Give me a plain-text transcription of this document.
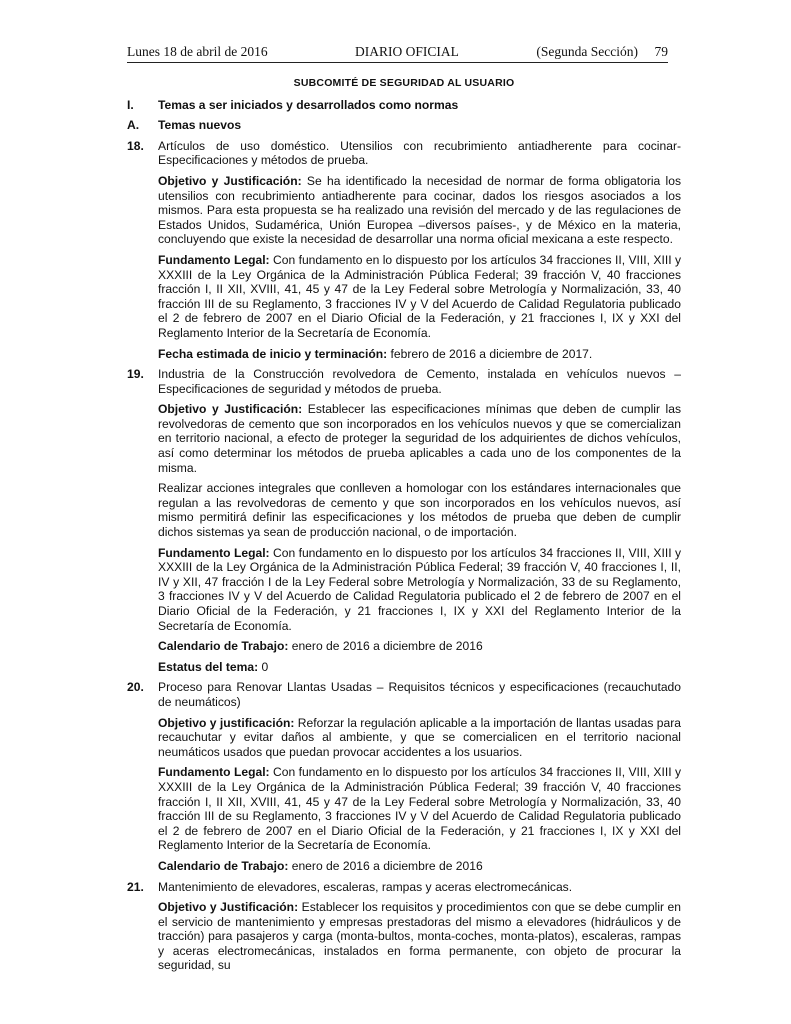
Lunes 18 de abril de 2016	DIARIO OFICIAL	(Segunda Sección) 79
SUBCOMITÉ DE SEGURIDAD AL USUARIO
I.	Temas a ser iniciados y desarrollados como normas
A.	Temas nuevos
18.	Artículos de uso doméstico. Utensilios con recubrimiento antiadherente para cocinar-Especificaciones y métodos de prueba.
Objetivo y Justificación: Se ha identificado la necesidad de normar de forma obligatoria los utensilios con recubrimiento antiadherente para cocinar, dados los riesgos asociados a los mismos. Para esta propuesta se ha realizado una revisión del mercado y de las regulaciones de Estados Unidos, Sudamérica, Unión Europea –diversos países-, y de México en la materia, concluyendo que existe la necesidad de desarrollar una norma oficial mexicana a este respecto.
Fundamento Legal: Con fundamento en lo dispuesto por los artículos 34 fracciones II, VIII, XIII y XXXIII de la Ley Orgánica de la Administración Pública Federal; 39 fracción V, 40 fracciones fracción I, II XII, XVIII, 41, 45 y 47 de la Ley Federal sobre Metrología y Normalización, 33, 40 fracción III de su Reglamento, 3 fracciones IV y V del Acuerdo de Calidad Regulatoria publicado el 2 de febrero de 2007 en el Diario Oficial de la Federación, y 21 fracciones I, IX y XXI del Reglamento Interior de la Secretaría de Economía.
Fecha estimada de inicio y terminación: febrero de 2016 a diciembre de 2017.
19.	Industria de la Construcción revolvedora de Cemento, instalada en vehículos nuevos – Especificaciones de seguridad y métodos de prueba.
Objetivo y Justificación: Establecer las especificaciones mínimas que deben de cumplir las revolvedoras de cemento que son incorporados en los vehículos nuevos y que se comercializan en territorio nacional, a efecto de proteger la seguridad de los adquirientes de dichos vehículos, así como determinar los métodos de prueba aplicables a cada uno de los componentes de la misma.
Realizar acciones integrales que conlleven a homologar con los estándares internacionales que regulan a las revolvedoras de cemento y que son incorporados en los vehículos nuevos, así mismo permitirá definir las especificaciones y los métodos de prueba que deben de cumplir dichos sistemas ya sean de producción nacional, o de importación.
Fundamento Legal: Con fundamento en lo dispuesto por los artículos 34 fracciones II, VIII, XIII y XXXIII de la Ley Orgánica de la Administración Pública Federal; 39 fracción V, 40 fracciones I, II, IV y XII, 47 fracción I de la Ley Federal sobre Metrología y Normalización, 33 de su Reglamento, 3 fracciones IV y V del Acuerdo de Calidad Regulatoria publicado el 2 de febrero de 2007 en el Diario Oficial de la Federación, y 21 fracciones I, IX y XXI del Reglamento Interior de la Secretaría de Economía.
Calendario de Trabajo: enero de 2016 a diciembre de 2016
Estatus del tema: 0
20.	Proceso para Renovar Llantas Usadas – Requisitos técnicos y especificaciones (recauchutado de neumáticos)
Objetivo y justificación: Reforzar la regulación aplicable a la importación de llantas usadas para recauchutar y evitar daños al ambiente, y que se comercialicen en el territorio nacional neumáticos usados que puedan provocar accidentes a los usuarios.
Fundamento Legal: Con fundamento en lo dispuesto por los artículos 34 fracciones II, VIII, XIII y XXXIII de la Ley Orgánica de la Administración Pública Federal; 39 fracción V, 40 fracciones fracción I, II XII, XVIII, 41, 45 y 47 de la Ley Federal sobre Metrología y Normalización, 33, 40 fracción III de su Reglamento, 3 fracciones IV y V del Acuerdo de Calidad Regulatoria publicado el 2 de febrero de 2007 en el Diario Oficial de la Federación, y 21 fracciones I, IX y XXI del Reglamento Interior de la Secretaría de Economía.
Calendario de Trabajo: enero de 2016 a diciembre de 2016
21.	Mantenimiento de elevadores, escaleras, rampas y aceras electromecánicas.
Objetivo y Justificación: Establecer los requisitos y procedimientos con que se debe cumplir en el servicio de mantenimiento y empresas prestadoras del mismo a elevadores (hidráulicos y de tracción) para pasajeros y carga (monta-bultos, monta-coches, monta-platos), escaleras, rampas y aceras electromecánicas, instalados en forma permanente, con objeto de procurar la seguridad, su
